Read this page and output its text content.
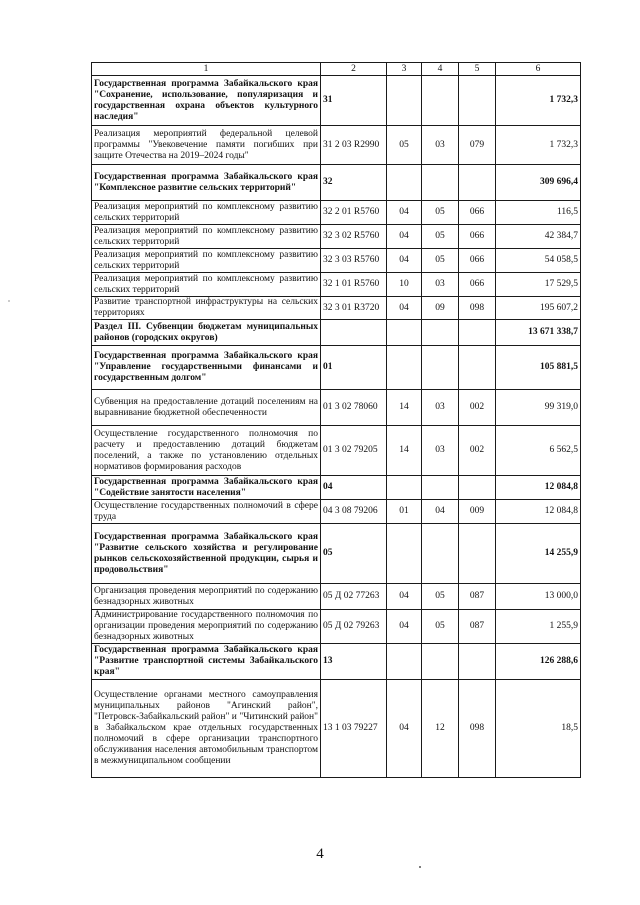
1	2	3	4	5	6
Государственная программа Забайкальского края "Сохранение, использование, популяризация и государственная охрана объектов культурного наследия"	31				1 732,3
Реализация мероприятий федеральной целевой программы "Увековечение памяти погибших при защите Отечества на 2019–2024 годы"	31 2 03 R2990	05	03	079	1 732,3
Государственная программа Забайкальского края "Комплексное развитие сельских территорий"	32				309 696,4
Реализация мероприятий по комплексному развитию сельских территорий	32 2 01 R5760	04	05	066	116,5
Реализация мероприятий по комплексному развитию сельских территорий	32 3 02 R5760	04	05	066	42 384,7
Реализация мероприятий по комплексному развитию сельских территорий	32 3 03 R5760	04	05	066	54 058,5
Реализация мероприятий по комплексному развитию сельских территорий	32 1 01 R5760	10	03	066	17 529,5
Развитие транспортной инфраструктуры на сельских территориях	32 3 01 R3720	04	09	098	195 607,2
Раздел III. Субвенции бюджетам муниципальных районов (городских округов)					13 671 338,7
Государственная программа Забайкальского края "Управление государственными финансами и государственным долгом"	01				105 881,5
Субвенция на предоставление дотаций поселениям на выравнивание бюджетной обеспеченности	01 3 02 78060	14	03	002	99 319,0
Осуществление государственного полномочия по расчету и предоставлению дотаций бюджетам поселений, а также по установлению отдельных нормативов формирования расходов	01 3 02 79205	14	03	002	6 562,5
Государственная программа Забайкальского края "Содействие занятости населения"	04				12 084,8
Осуществление государственных полномочий в сфере труда	04 3 08 79206	01	04	009	12 084,8
Государственная программа Забайкальского края "Развитие сельского хозяйства и регулирование рынков сельскохозяйственной продукции, сырья и продовольствия"	05				14 255,9
Организация проведения мероприятий по содержанию безнадзорных животных	05 Д 02 77263	04	05	087	13 000,0
Администрирование государственного полномочия по организации проведения мероприятий по содержанию безнадзорных животных	05 Д 02 79263	04	05	087	1 255,9
Государственная программа Забайкальского края "Развитие транспортной системы Забайкальского края"	13				126 288,6
Осуществление органами местного самоуправления муниципальных районов "Агинский район", "Петровск-Забайкальский район" и "Читинский район" в Забайкальском крае отдельных государственных полномочий в сфере организации транспортного обслуживания населения автомобильным транспортом в межмуниципальном сообщении	13 1 03 79227	04	12	098	18,5
4
